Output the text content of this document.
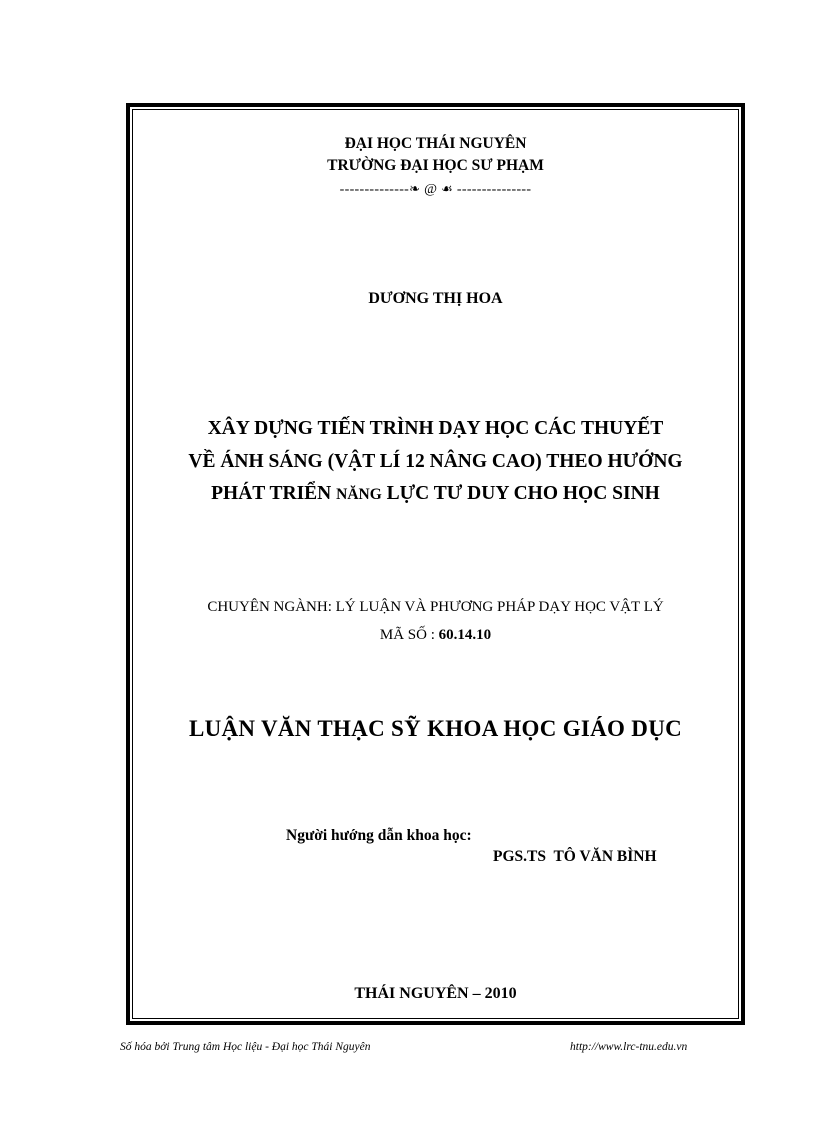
ĐẠI HỌC THÁI NGUYÊN
TRƯỜNG ĐẠI HỌC SƯ PHẠM
--------------❧ @ ☙ ---------------
DƯƠNG THỊ HOA
XÂY DỰNG TIẾN TRÌNH DẠY HỌC CÁC THUYẾT
VỀ ÁNH SÁNG (VẬT LÍ 12 NÂNG CAO) THEO HƯỚNG
PHÁT TRIỂN NĂNG LỰC TƯ DUY CHO HỌC SINH
CHUYÊN NGÀNH: LÝ LUẬN VÀ PHƯƠNG PHÁP DẠY HỌC VẬT LÝ
MÃ SỐ : 60.14.10
LUẬN VĂN THẠC SỸ KHOA HỌC GIÁO DỤC
Người hướng dẫn khoa học:
PGS.TS  TÔ VĂN BÌNH
THÁI NGUYÊN – 2010
Số hóa bởi Trung tâm Học liệu - Đại học Thái Nguyên	http://www.lrc-tnu.edu.vn
